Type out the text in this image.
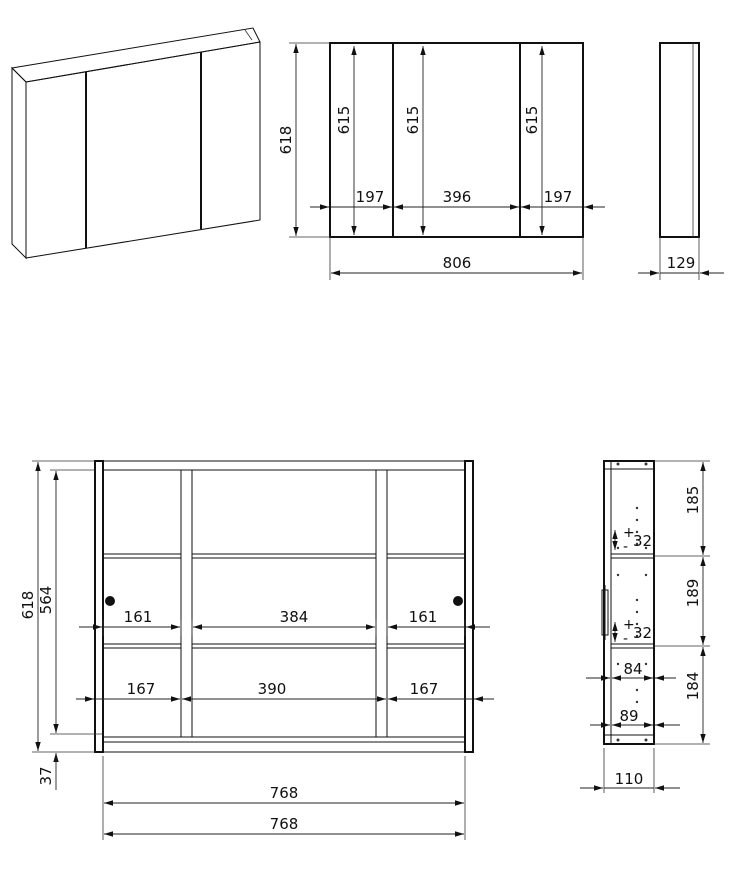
618
615	615	615
197	396	197
806	129
618 564
37
161	384	161
167	390	167
768
768
185
189
184
+
- 32
+
- 32
84
89
110
